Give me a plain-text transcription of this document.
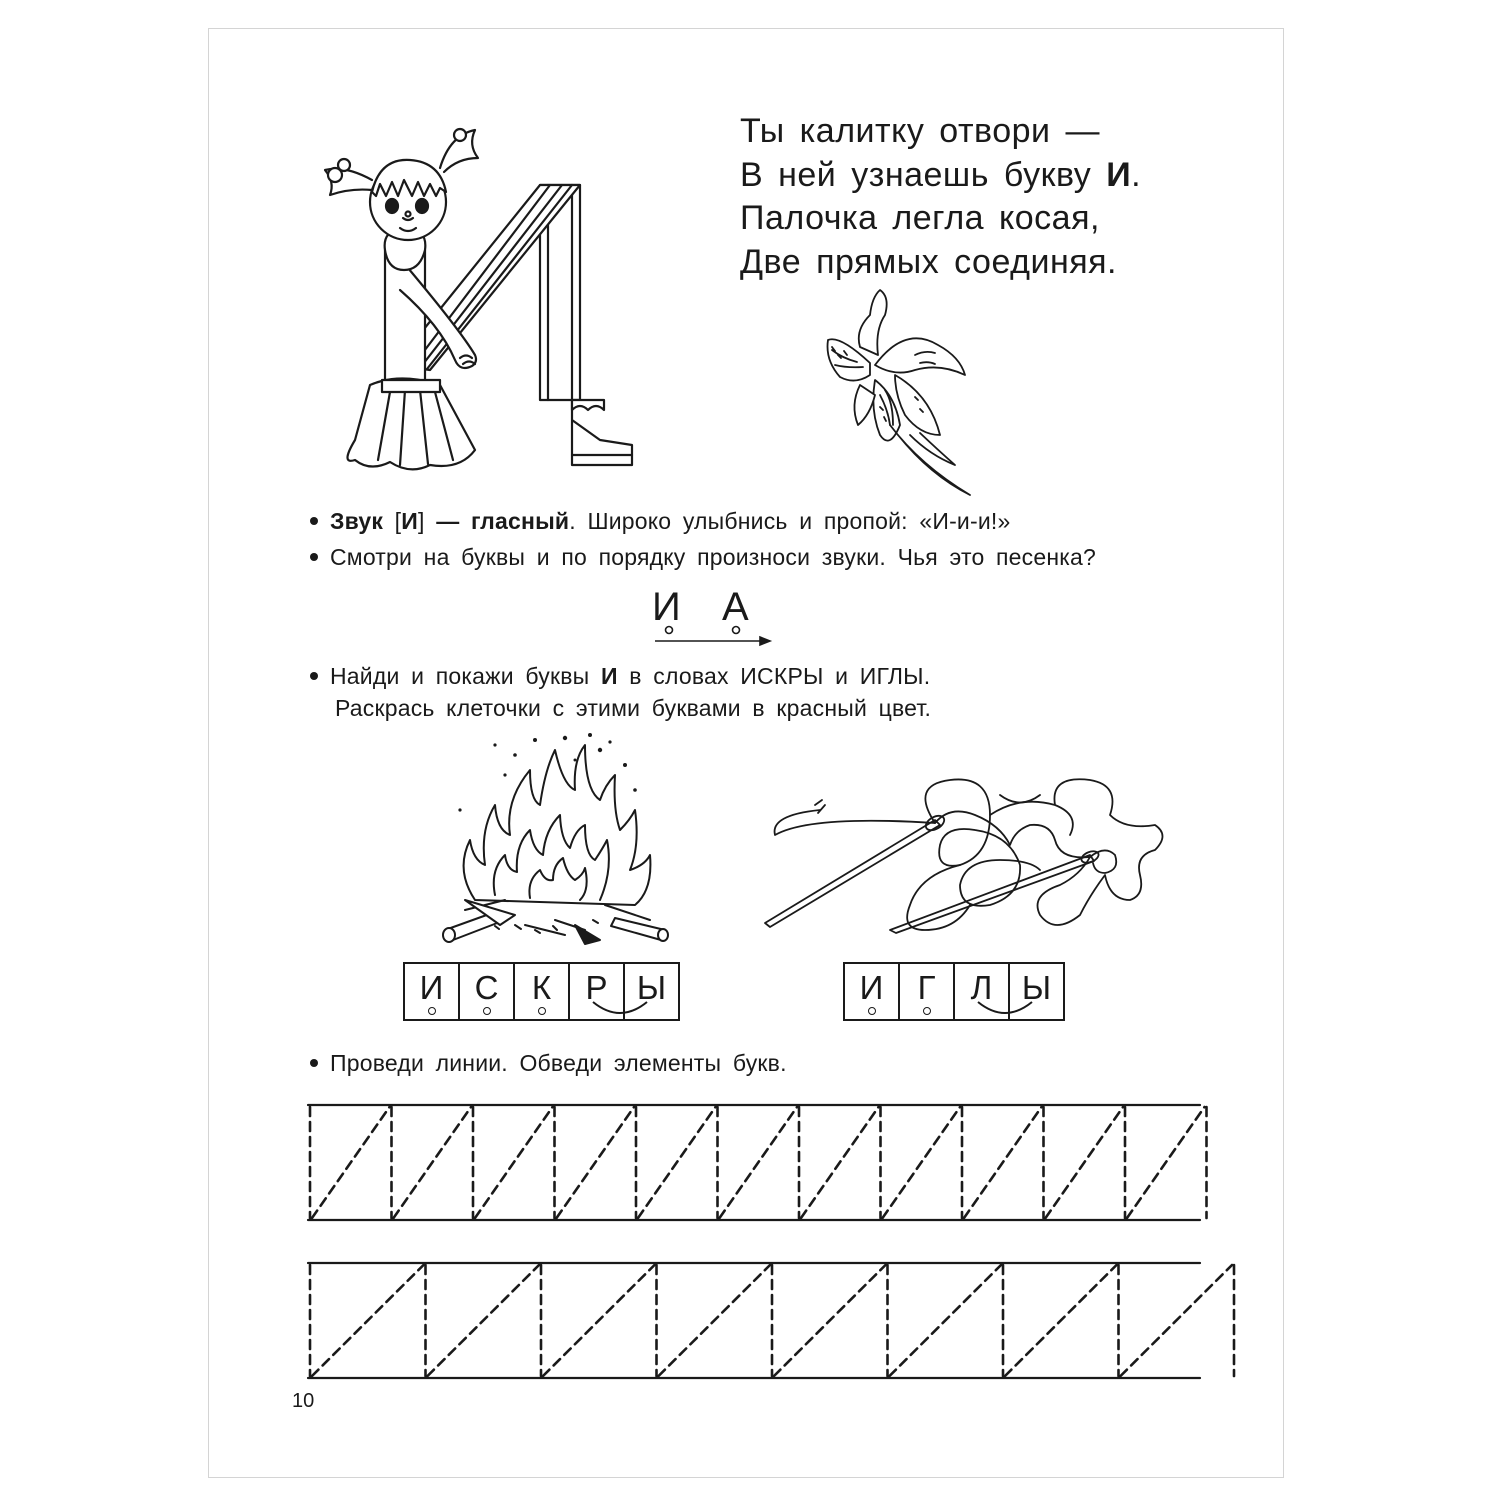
Ты калитку отвори —
В ней узнаешь букву И.
Палочка легла косая,
Две прямых соединяя.
Звук [И] — гласный. Широко улыбнись и пропой: «И-и-и!»
Смотри на буквы и по порядку произноси звуки. Чья это песенка?
И А
Найди и покажи буквы И в словах ИСКРЫ и ИГЛЫ.
Раскрась клеточки с этими буквами в красный цвет.
И С К Р Ы	И Г Л Ы
Проведи линии. Обведи элементы букв.
10
